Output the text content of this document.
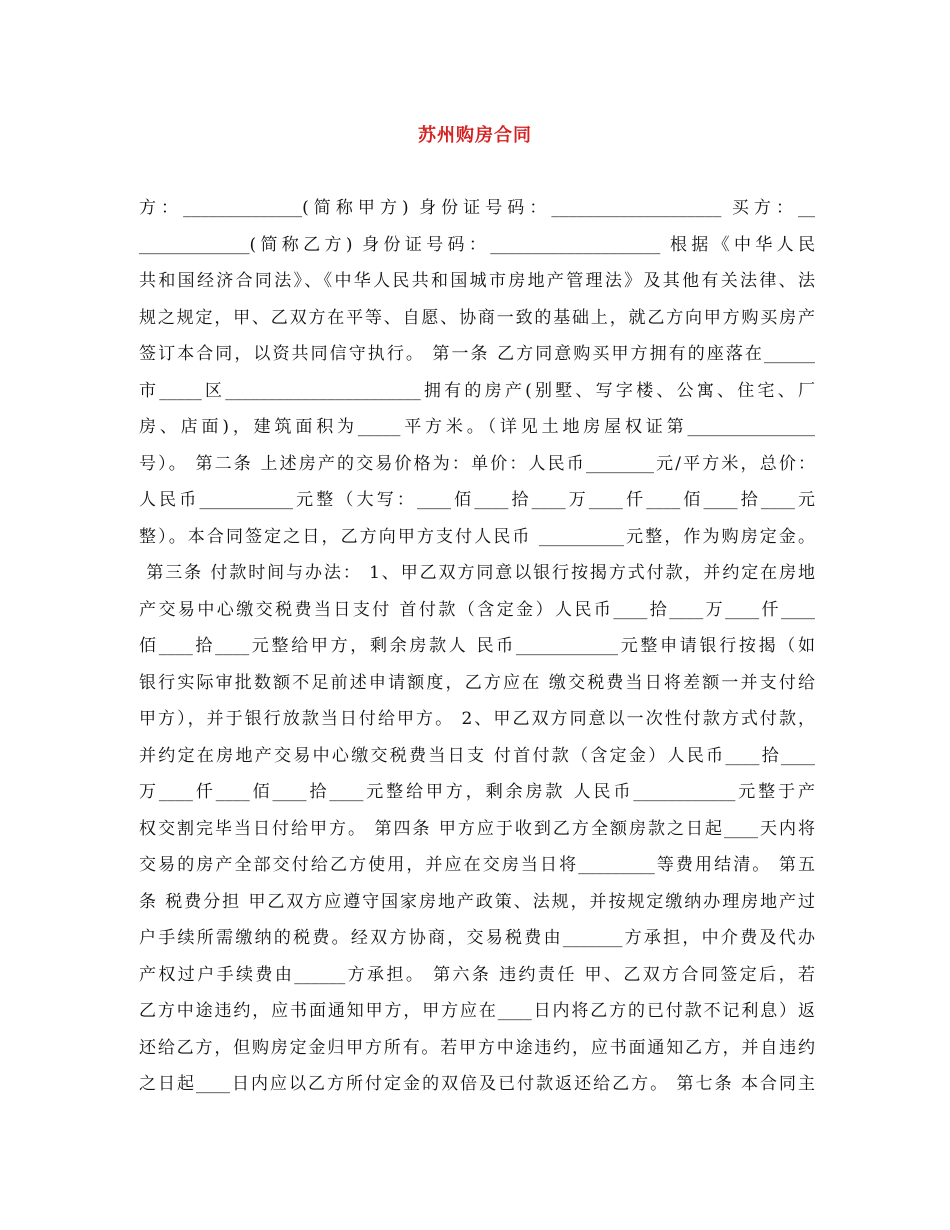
苏州购房合同
方：______________(简称甲方) 身份证号码：____________________ 买方：__
_____________(简称乙方) 身份证号码：____________________ 根据《中华人民
共和国经济合同法》、《中华人民共和国城市房地产管理法》及其他有关法律、法
规之规定，甲、乙双方在平等、自愿、协商一致的基础上，就乙方向甲方购买房产
签订本合同，以资共同信守执行。 第一条 乙方同意购买甲方拥有的座落在______
市_____区_______________________拥有的房产(别墅、写字楼、公寓、住宅、厂
房、店面)，建筑面积为_____平方米。（详见土地房屋权证第_______________
号）。 第二条 上述房产的交易价格为：单价：人民币________元/平方米，总价：
人民币___________元整（大写：____佰____拾____万____仟____佰____拾____元
整）。本合同签定之日，乙方向甲方支付人民币 __________元整，作为购房定金。
第三条 付款时间与办法： 1、甲乙双方同意以银行按揭方式付款，并约定在房地
产交易中心缴交税费当日支付 首付款（含定金）人民币____拾____万____仟____
佰____拾____元整给甲方，剩余房款人 民币____________元整申请银行按揭（如
银行实际审批数额不足前述申请额度，乙方应在 缴交税费当日将差额一并支付给
甲方），并于银行放款当日付给甲方。 2、甲乙双方同意以一次性付款方式付款，
并约定在房地产交易中心缴交税费当日支 付首付款（含定金）人民币____拾____
万____仟____佰____拾____元整给甲方，剩余房款 人民币____________元整于产
权交割完毕当日付给甲方。 第四条 甲方应于收到乙方全额房款之日起____天内将
交易的房产全部交付给乙方使用，并应在交房当日将_________等费用结清。 第五
条 税费分担 甲乙双方应遵守国家房地产政策、法规，并按规定缴纳办理房地产过
户手续所需缴纳的税费。经双方协商，交易税费由_______方承担，中介费及代办
产权过户手续费由______方承担。 第六条 违约责任 甲、乙双方合同签定后，若
乙方中途违约，应书面通知甲方，甲方应在____日内将乙方的已付款不记利息）返
还给乙方，但购房定金归甲方所有。若甲方中途违约，应书面通知乙方，并自违约
之日起____日内应以乙方所付定金的双倍及已付款返还给乙方。 第七条 本合同主
